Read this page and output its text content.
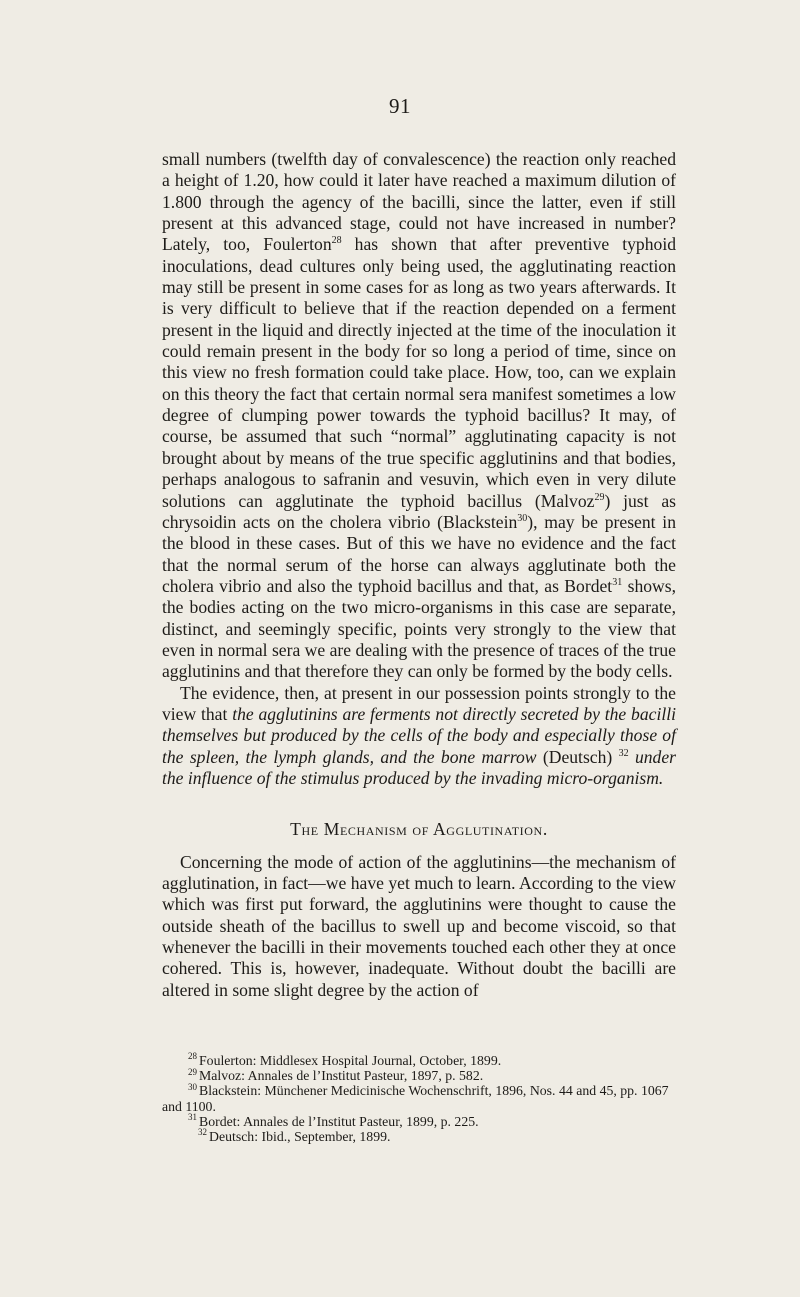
91

small numbers (twelfth day of convalescence) the reaction only reached a height of 1.20, how could it later have reached a maximum dilution of 1.800 through the agency of the bacilli, since the latter, even if still present at this advanced stage, could not have increased in number? Lately, too, Foulerton$^{28}$ has shown that after preventive typhoid inoculations, dead cultures only being used, the agglutinating reaction may still be present in some cases for as long as two years afterwards. It is very difficult to believe that if the reaction depended on a ferment present in the liquid and directly injected at the time of the inoculation it could remain present in the body for so long a period of time, since on this view no fresh formation could take place. How, too, can we explain on this theory the fact that certain normal sera manifest sometimes a low degree of clumping power towards the typhoid bacillus? It may, of course, be assumed that such “normal” agglutinating capacity is not brought about by means of the true specific agglutinins and that bodies, perhaps analogous to safranin and vesuvin, which even in very dilute solutions can agglutinate the typhoid bacillus (Malvoz$^{29}$) just as chrysoidin acts on the cholera vibrio (Blackstein$^{30}$), may be present in the blood in these cases. But of this we have no evidence and the fact that the normal serum of the horse can always agglutinate both the cholera vibrio and also the typhoid bacillus and that, as Bordet$^{31}$ shows, the bodies acting on the two micro-organisms in this case are separate, distinct, and seemingly specific, points very strongly to the view that even in normal sera we are dealing with the presence of traces of the true agglutinins and that therefore they can only be formed by the body cells.

The evidence, then, at present in our possession points strongly to the view that the agglutinins are ferments not directly secreted by the bacilli themselves but produced by the cells of the body and especially those of the spleen, the lymph glands, and the bone marrow (Deutsch) $^{32}$ under the influence of the stimulus produced by the invading micro-organism.

The Mechanism of Agglutination.

Concerning the mode of action of the agglutinins—the mechanism of agglutination, in fact—we have yet much to learn. According to the view which was first put forward, the agglutinins were thought to cause the outside sheath of the bacillus to swell up and become viscoid, so that whenever the bacilli in their movements touched each other they at once cohered. This is, however, inadequate. Without doubt the bacilli are altered in some slight degree by the action of

$^{28}$ Foulerton: Middlesex Hospital Journal, October, 1899.

$^{29}$ Malvoz: Annales de l’Institut Pasteur, 1897, p. 582.

$^{30}$ Blackstein: Münchener Medicinische Wochenschrift, 1896, Nos. 44 and 45, pp. 1067 and 1100.

$^{31}$ Bordet: Annales de l’Institut Pasteur, 1899, p. 225.

$^{32}$ Deutsch: Ibid., September, 1899.
